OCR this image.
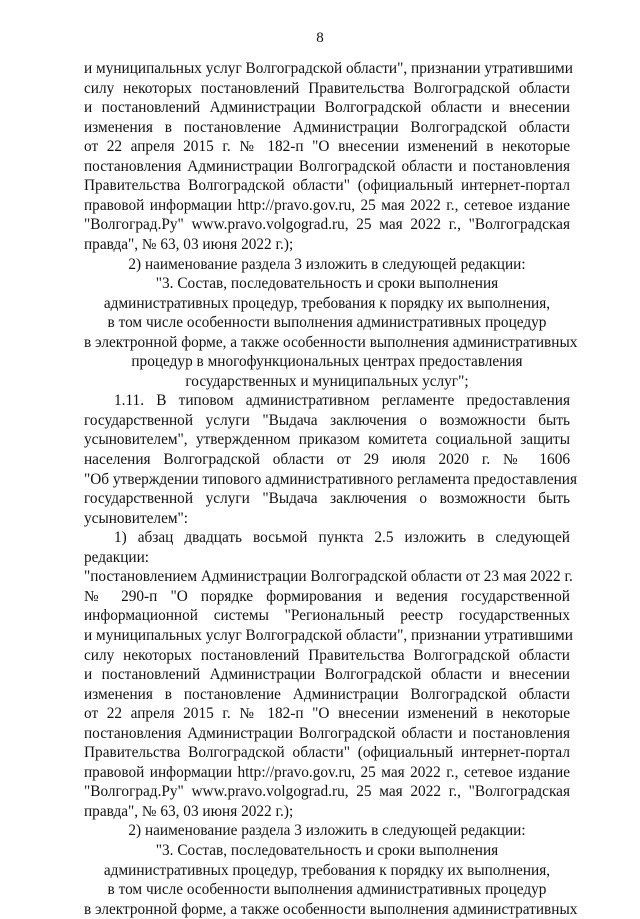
8
и муниципальных услуг Волгоградской области", признании утратившими
силу некоторых постановлений Правительства Волгоградской области
и постановлений Администрации Волгоградской области и внесении
изменения в постановление Администрации Волгоградской области
от 22 апреля 2015 г. № 182-п "О внесении изменений в некоторые
постановления Администрации Волгоградской области и постановления
Правительства Волгоградской области" (официальный интернет-портал
правовой информации http://pravo.gov.ru, 25 мая 2022 г., сетевое издание
"Волгоград.Ру" www.pravo.volgograd.ru, 25 мая 2022 г., "Волгоградская
правда", № 63, 03 июня 2022 г.);
2) наименование раздела 3 изложить в следующей редакции:
"3. Состав, последовательность и сроки выполнения
административных процедур, требования к порядку их выполнения,
в том числе особенности выполнения административных процедур
в электронной форме, а также особенности выполнения административных
процедур в многофункциональных центрах предоставления
государственных и муниципальных услуг";
1.11. В типовом административном регламенте предоставления
государственной услуги "Выдача заключения о возможности быть
усыновителем", утвержденном приказом комитета социальной защиты
населения Волгоградской области от 29 июля 2020 г. № 1606
"Об утверждении типового административного регламента предоставления
государственной услуги "Выдача заключения о возможности быть
усыновителем":
1) абзац двадцать восьмой пункта 2.5 изложить в следующей
редакции:
"постановлением Администрации Волгоградской области от 23 мая 2022 г.
№ 290-п "О порядке формирования и ведения государственной
информационной системы "Региональный реестр государственных
и муниципальных услуг Волгоградской области", признании утратившими
силу некоторых постановлений Правительства Волгоградской области
и постановлений Администрации Волгоградской области и внесении
изменения в постановление Администрации Волгоградской области
от 22 апреля 2015 г. № 182-п "О внесении изменений в некоторые
постановления Администрации Волгоградской области и постановления
Правительства Волгоградской области" (официальный интернет-портал
правовой информации http://pravo.gov.ru, 25 мая 2022 г., сетевое издание
"Волгоград.Ру" www.pravo.volgograd.ru, 25 мая 2022 г., "Волгоградская
правда", № 63, 03 июня 2022 г.);
2) наименование раздела 3 изложить в следующей редакции:
"3. Состав, последовательность и сроки выполнения
административных процедур, требования к порядку их выполнения,
в том числе особенности выполнения административных процедур
в электронной форме, а также особенности выполнения административных
